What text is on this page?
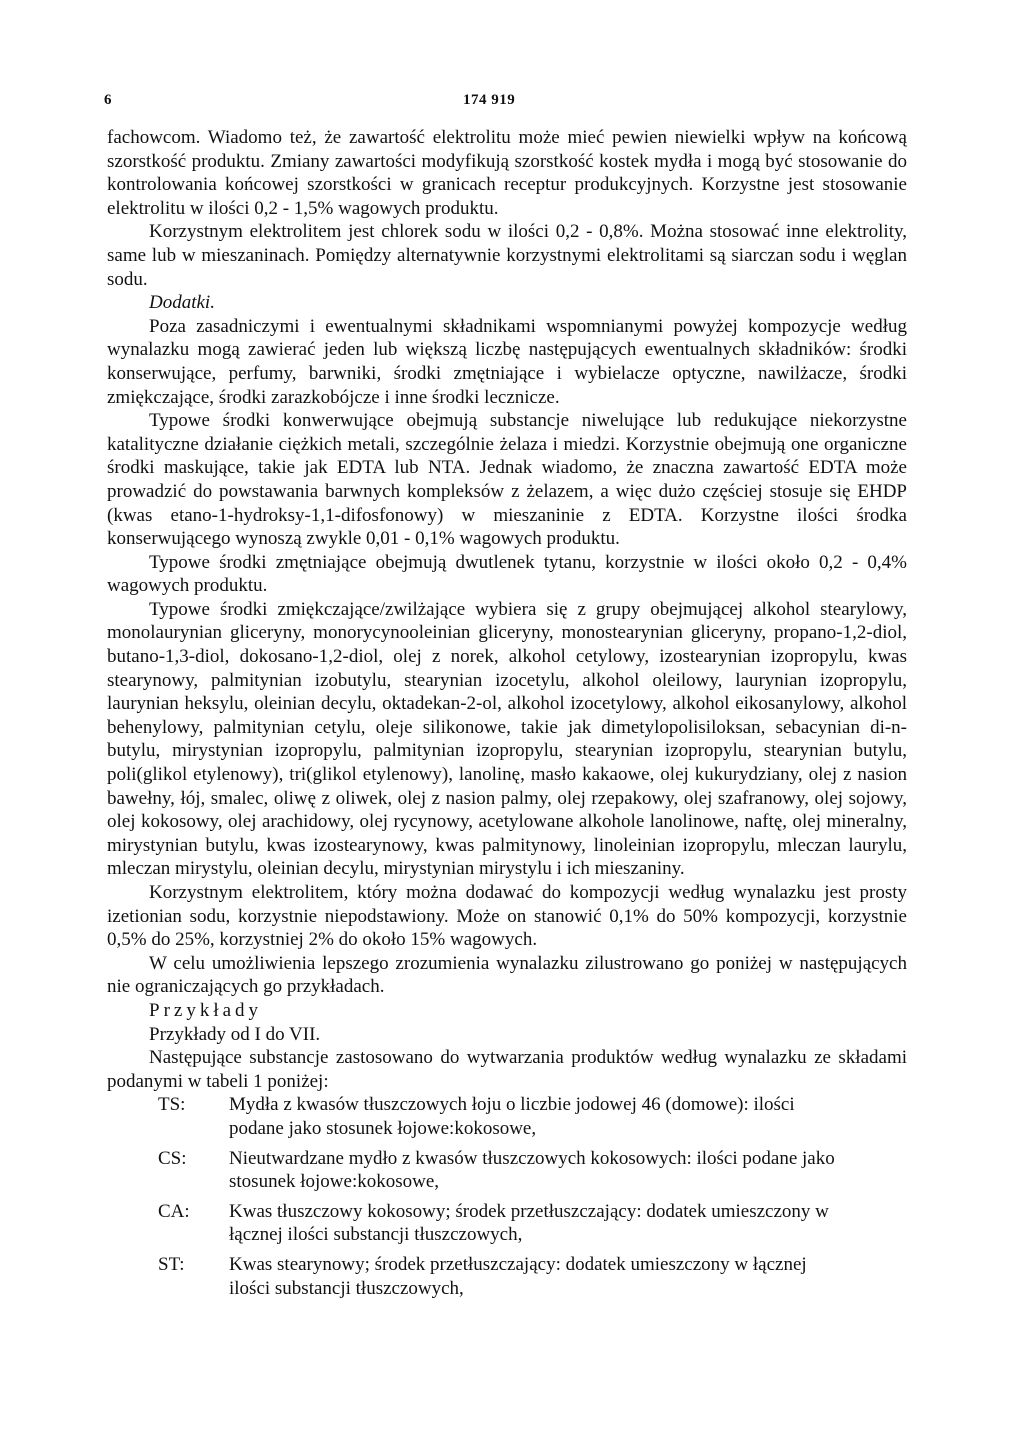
6	174 919

fachowcom. Wiadomo też, że zawartość elektrolitu może mieć pewien niewielki wpływ na końcową szorstkość produktu. Zmiany zawartości modyfikują szorstkość kostek mydła i mogą być stosowanie do kontrolowania końcowej szorstkości w granicach receptur produkcyjnych. Korzystne jest stosowanie elektrolitu w ilości 0,2 - 1,5% wagowych produktu.

Korzystnym elektrolitem jest chlorek sodu w ilości 0,2 - 0,8%. Można stosować inne elektrolity, same lub w mieszaninach. Pomiędzy alternatywnie korzystnymi elektrolitami są siarczan sodu i węglan sodu.

Dodatki.

Poza zasadniczymi i ewentualnymi składnikami wspomnianymi powyżej kompozycje według wynalazku mogą zawierać jeden lub większą liczbę następujących ewentualnych składników: środki konserwujące, perfumy, barwniki, środki zmętniające i wybielacze optyczne, nawilżacze, środki zmiękczające, środki zarazkobójcze i inne środki lecznicze.

Typowe środki konwerwujące obejmują substancje niwelujące lub redukujące niekorzystne katalityczne działanie ciężkich metali, szczególnie żelaza i miedzi. Korzystnie obejmują one organiczne środki maskujące, takie jak EDTA lub NTA. Jednak wiadomo, że znaczna zawartość EDTA może prowadzić do powstawania barwnych kompleksów z żelazem, a więc dużo częściej stosuje się EHDP (kwas etano-1-hydroksy-1,1-difosfonowy) w mieszaninie z EDTA. Korzystne ilości środka konserwującego wynoszą zwykle 0,01 - 0,1% wagowych produktu.

Typowe środki zmętniające obejmują dwutlenek tytanu, korzystnie w ilości około 0,2 - 0,4% wagowych produktu.

Typowe środki zmiękczające/zwilżające wybiera się z grupy obejmującej alkohol stearylowy, monolaurynian gliceryny, monorycynooleinian gliceryny, monostearynian gliceryny, propano-1,2-diol, butano-1,3-diol, dokosano-1,2-diol, olej z norek, alkohol cetylowy, izostearynian izopropylu, kwas stearynowy, palmitynian izobutylu, stearynian izocetylu, alkohol oleilowy, laurynian izopropylu, laurynian heksylu, oleinian decylu, oktadekan-2-ol, alkohol izocetylowy, alkohol eikosanylowy, alkohol behenylowy, palmitynian cetylu, oleje silikonowe, takie jak dimetylopolisiloksan, sebacynian di-n-butylu, mirystynian izopropylu, palmitynian izopropylu, stearynian izopropylu, stearynian butylu, poli(glikol etylenowy), tri(glikol etylenowy), lanolinę, masło kakaowe, olej kukurydziany, olej z nasion bawełny, łój, smalec, oliwę z oliwek, olej z nasion palmy, olej rzepakowy, olej szafranowy, olej sojowy, olej kokosowy, olej arachidowy, olej rycynowy, acetylowane alkohole lanolinowe, naftę, olej mineralny, mirystynian butylu, kwas izostearynowy, kwas palmitynowy, linoleinian izopropylu, mleczan laurylu, mleczan mirystylu, oleinian decylu, mirystynian mirystylu i ich mieszaniny.

Korzystnym elektrolitem, który można dodawać do kompozycji według wynalazku jest prosty izetionian sodu, korzystnie niepodstawiony. Może on stanowić 0,1% do 50% kompozycji, korzystnie 0,5% do 25%, korzystniej 2% do około 15% wagowych.

W celu umożliwienia lepszego zrozumienia wynalazku zilustrowano go poniżej w następujących nie ograniczających go przykładach.

Przykłady
Przykłady od I do VII.

Następujące substancje zastosowano do wytwarzania produktów według wynalazku ze składami podanymi w tabeli 1 poniżej:

TS:	Mydła z kwasów tłuszczowych łoju o liczbie jodowej 46 (domowe): ilości podane jako stosunek łojowe:kokosowe,
CS:	Nieutwardzane mydło z kwasów tłuszczowych kokosowych: ilości podane jako stosunek łojowe:kokosowe,
CA:	Kwas tłuszczowy kokosowy; środek przetłuszczający: dodatek umieszczony w łącznej ilości substancji tłuszczowych,
ST:	Kwas stearynowy; środek przetłuszczający: dodatek umieszczony w łącznej ilości substancji tłuszczowych,
